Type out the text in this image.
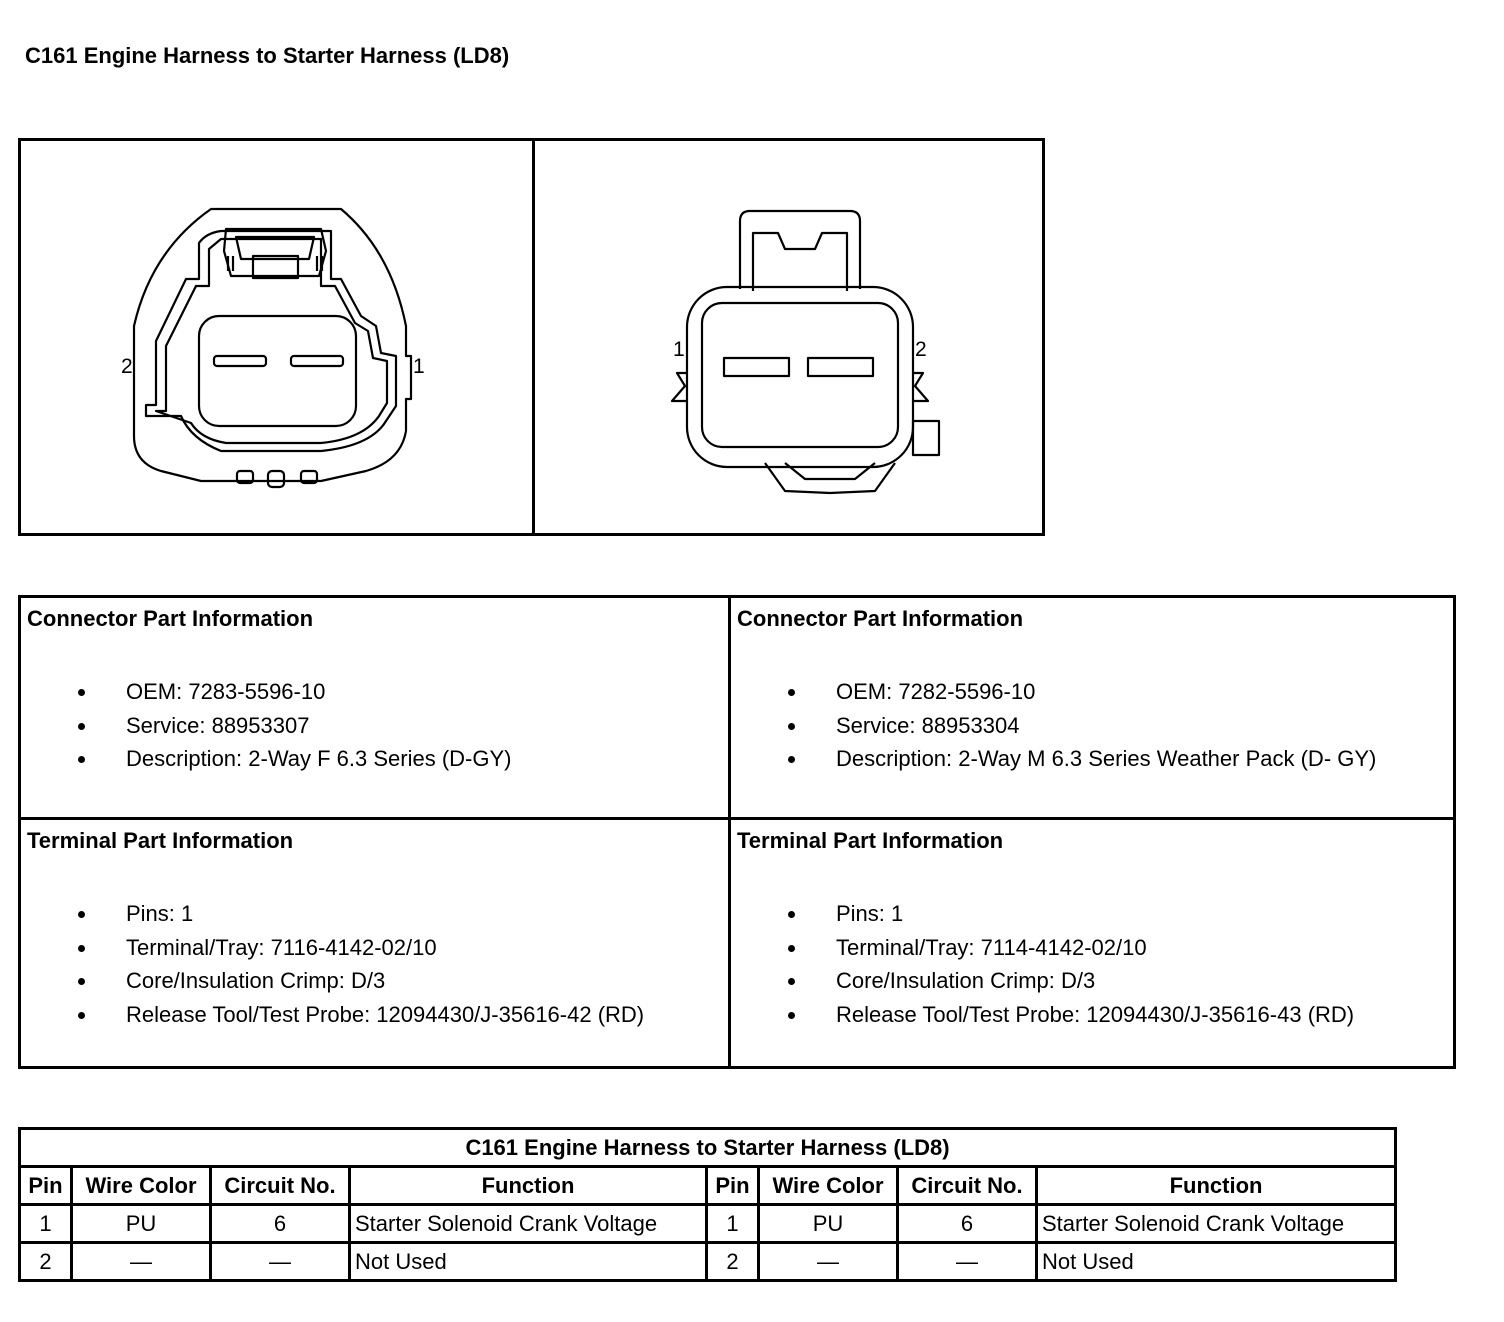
C161 Engine Harness to Starter Harness (LD8)
2	1
1	2
Connector Part Information
OEM: 7283-5596-10
Service: 88953307
Description: 2-Way F 6.3 Series (D-GY)
Connector Part Information
OEM: 7282-5596-10
Service: 88953304
Description: 2-Way M 6.3 Series Weather Pack (D- GY)
Terminal Part Information
Pins: 1
Terminal/Tray: 7116-4142-02/10
Core/Insulation Crimp: D/3
Release Tool/Test Probe: 12094430/J-35616-42 (RD)
Terminal Part Information
Pins: 1
Terminal/Tray: 7114-4142-02/10
Core/Insulation Crimp: D/3
Release Tool/Test Probe: 12094430/J-35616-43 (RD)
C161 Engine Harness to Starter Harness (LD8)							
Pin	Wire Color	Circuit No.	Function	Pin	Wire Color	Circuit No.	Function
1	PU	6	Starter Solenoid Crank Voltage	1	PU	6	Starter Solenoid Crank Voltage
2	—	—	Not Used	2	—	—	Not Used
